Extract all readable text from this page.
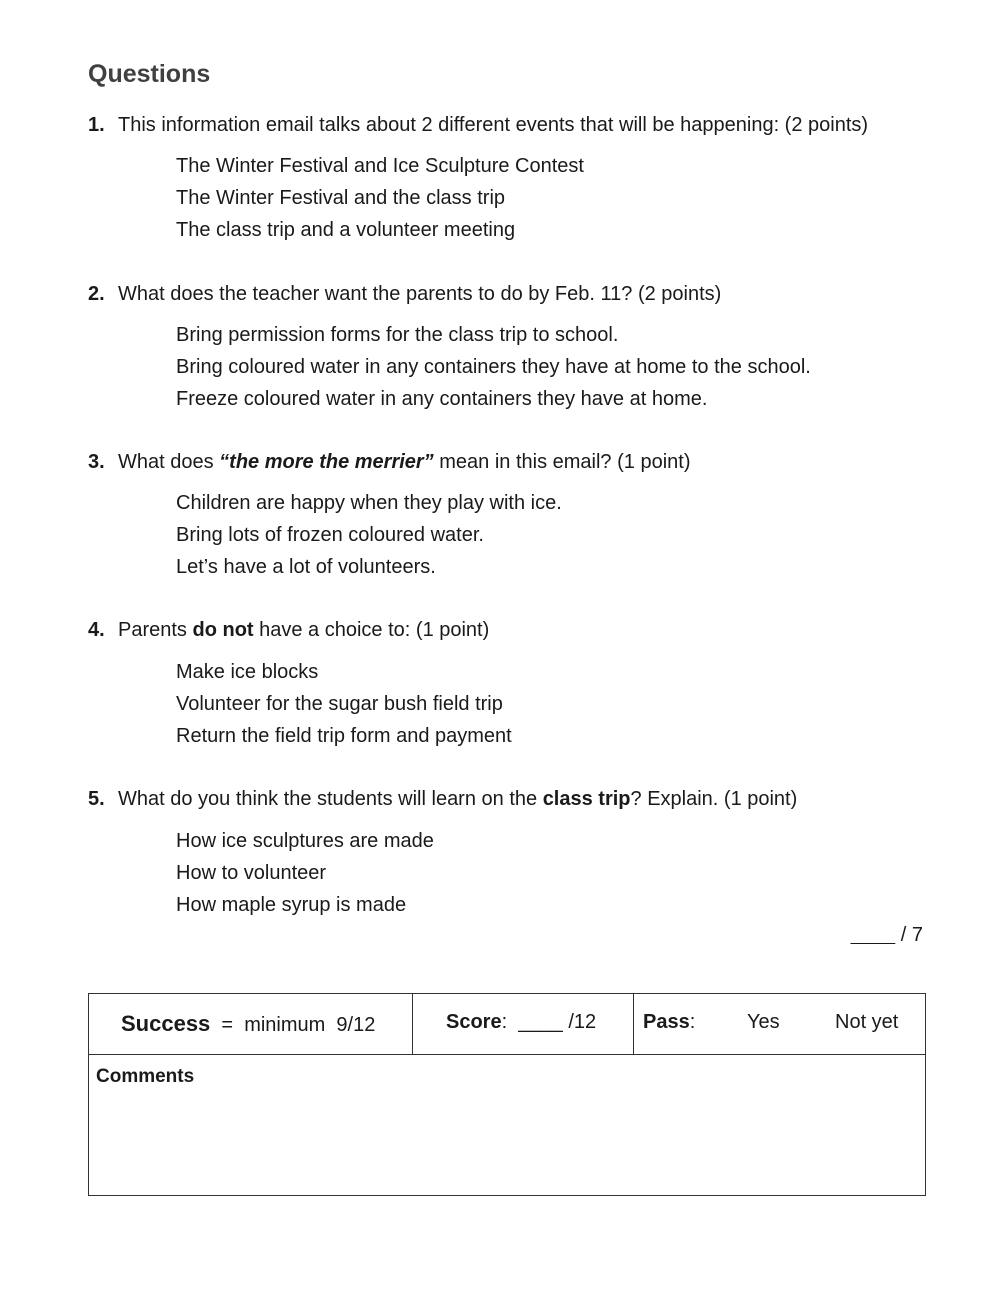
Questions
1. This information email talks about 2 different events that will be happening: (2 points)
The Winter Festival and Ice Sculpture Contest
The Winter Festival and the class trip
The class trip and a volunteer meeting
2. What does the teacher want the parents to do by Feb. 11? (2 points)
Bring permission forms for the class trip to school.
Bring coloured water in any containers they have at home to the school.
Freeze coloured water in any containers they have at home.
3. What does “the more the merrier” mean in this email? (1 point)
Children are happy when they play with ice.
Bring lots of frozen coloured water.
Let’s have a lot of volunteers.
4. Parents do not have a choice to: (1 point)
Make ice blocks
Volunteer for the sugar bush field trip
Return the field trip form and payment
5. What do you think the students will learn on the class trip? Explain. (1 point)
How ice sculptures are made
How to volunteer
How maple syrup is made
_____ / 7
Success  =  minimum  9/12	Score:  ____ /12 Pass:	Yes	Not yet
Comments
